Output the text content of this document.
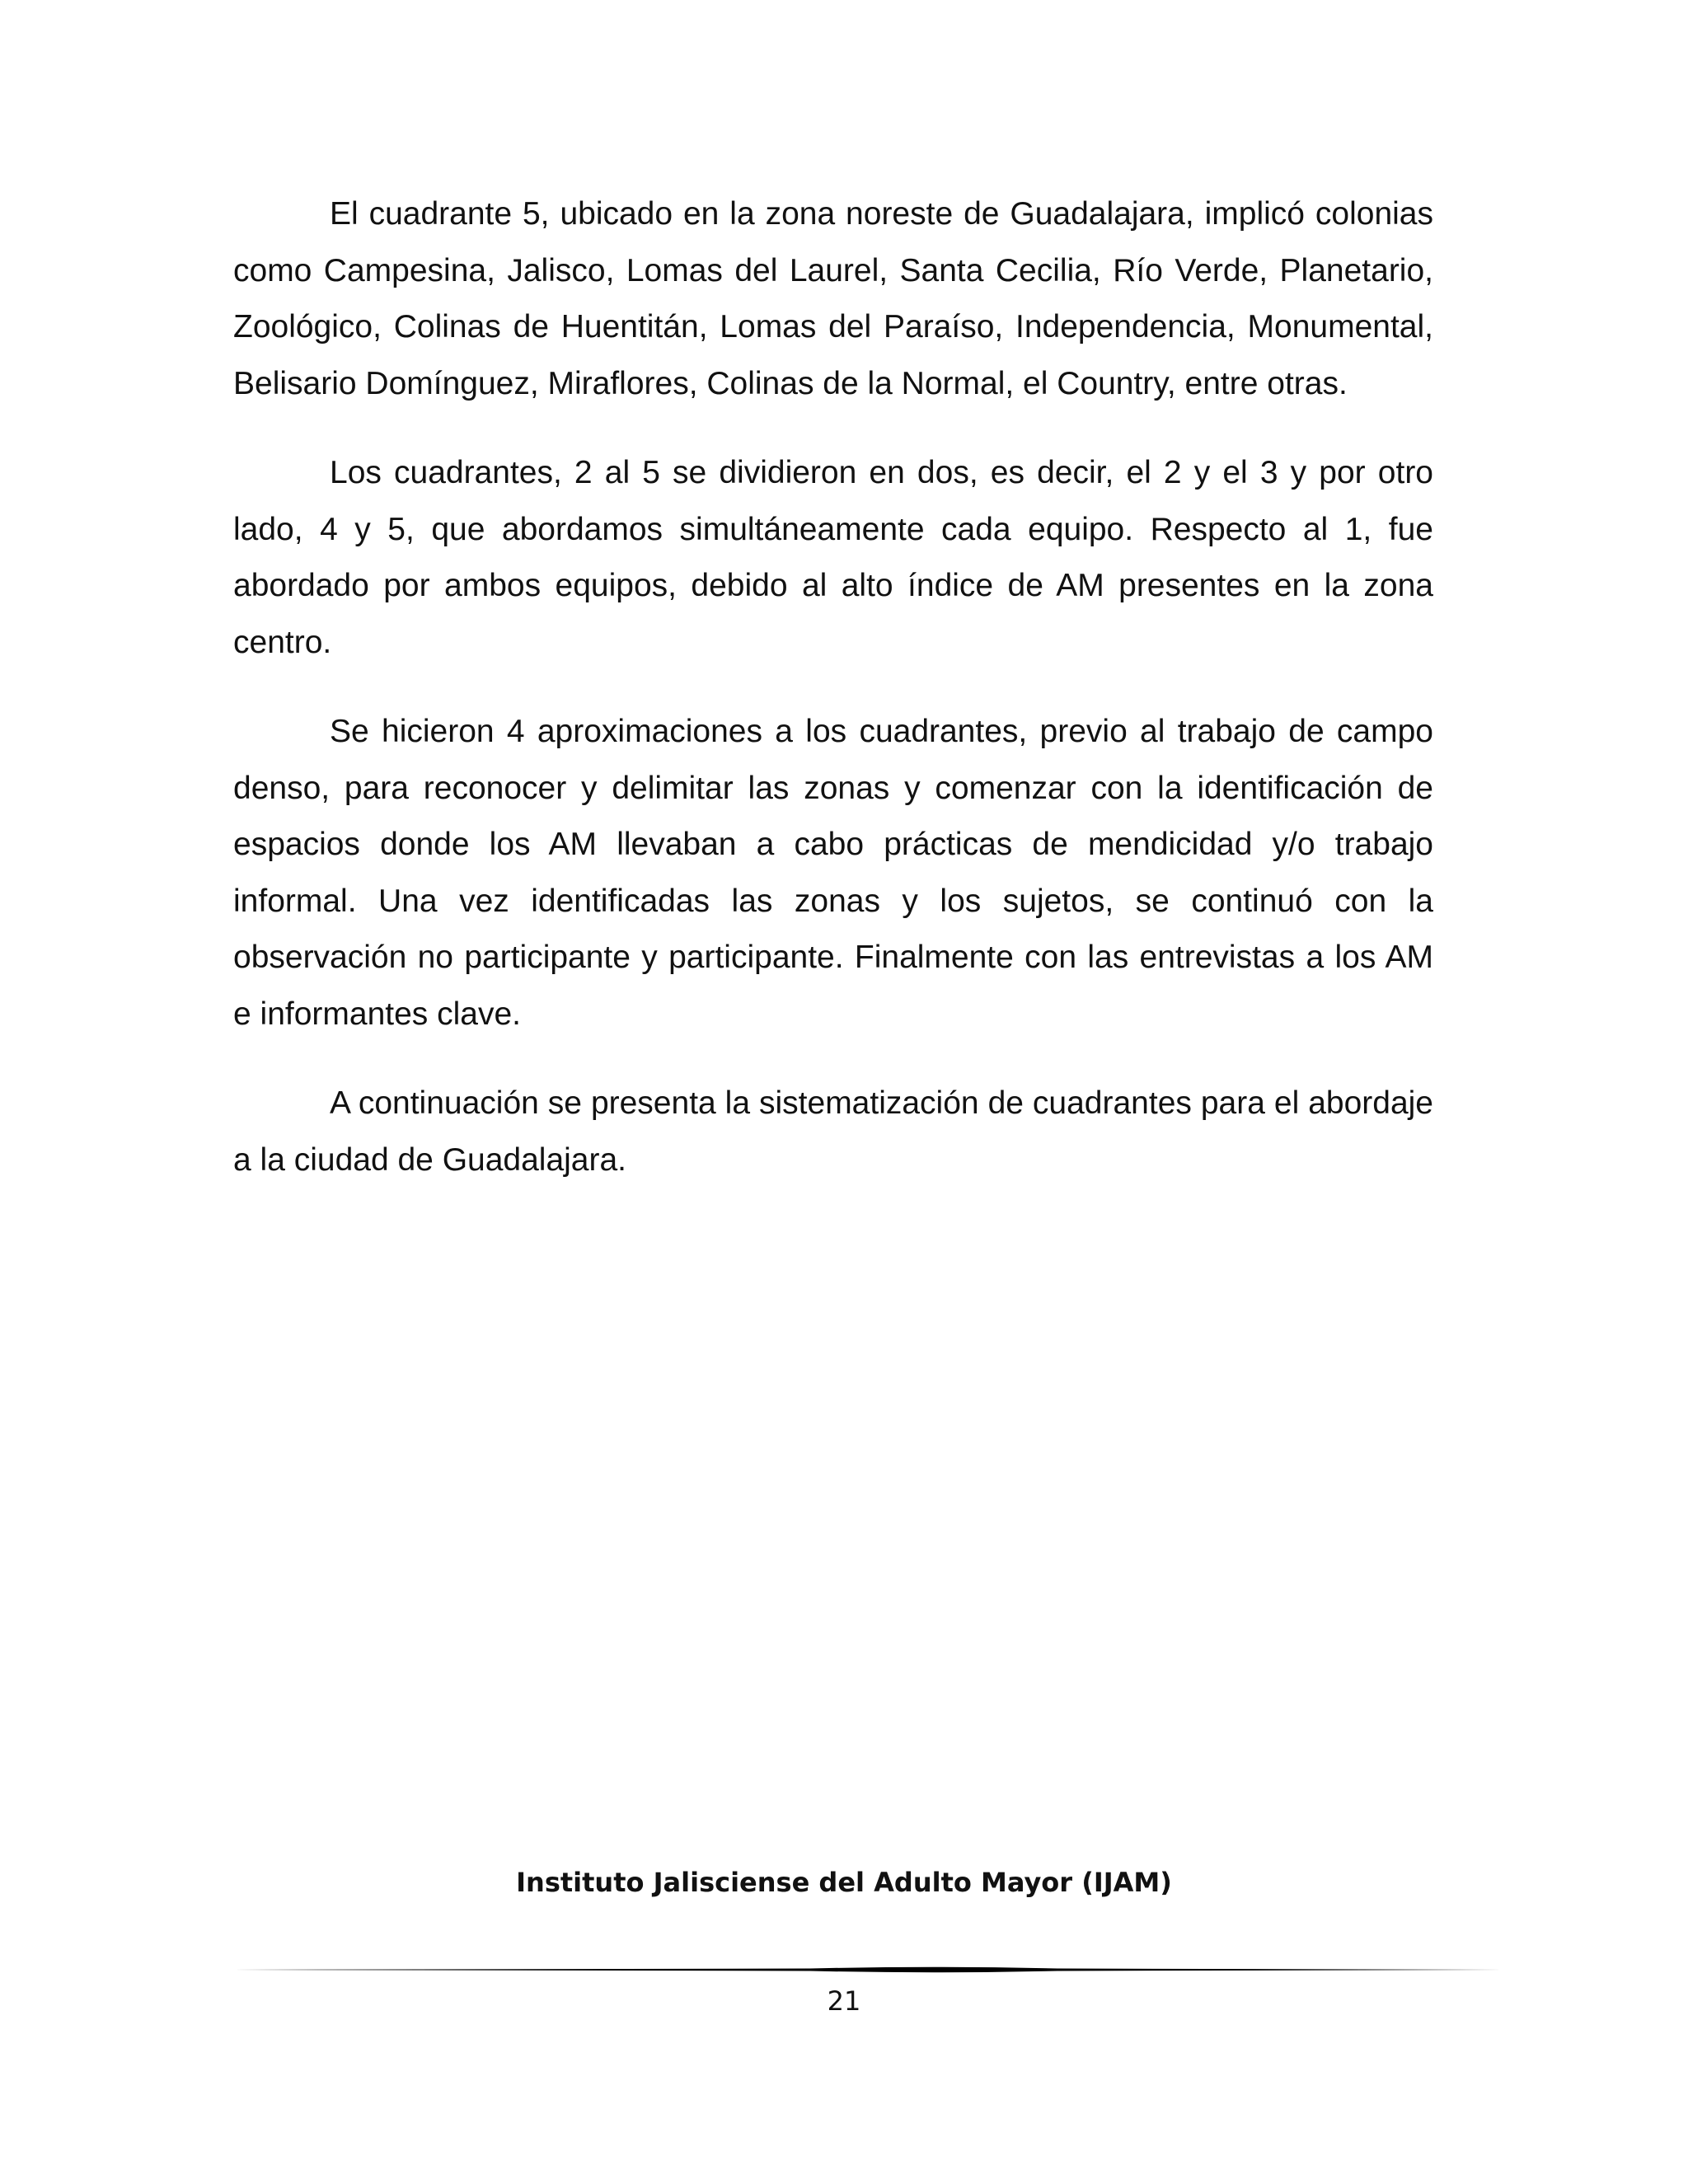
El cuadrante 5, ubicado en la zona noreste de Guadalajara, implicó colonias como Campesina, Jalisco, Lomas del Laurel, Santa Cecilia, Río Verde, Planetario, Zoológico, Colinas de Huentitán, Lomas del Paraíso, Independencia, Monumental, Belisario Domínguez, Miraflores, Colinas de la Normal, el Country, entre otras.

Los cuadrantes, 2 al 5 se dividieron en dos, es decir, el 2 y el 3 y por otro lado, 4 y 5, que abordamos simultáneamente cada equipo. Respecto al 1, fue abordado por ambos equipos, debido al alto índice de AM presentes en la zona centro.

Se hicieron 4 aproximaciones a los cuadrantes, previo al trabajo de campo denso, para reconocer y delimitar las zonas y comenzar con la identificación de espacios donde los AM llevaban a cabo prácticas de mendicidad y/o trabajo informal. Una vez identificadas las zonas y los sujetos, se continuó con la observación no participante y participante. Finalmente con las entrevistas a los AM e informantes clave.

A continuación se presenta la sistematización de cuadrantes para el abordaje a la ciudad de Guadalajara.

Instituto Jalisciense del Adulto Mayor (IJAM)
21
